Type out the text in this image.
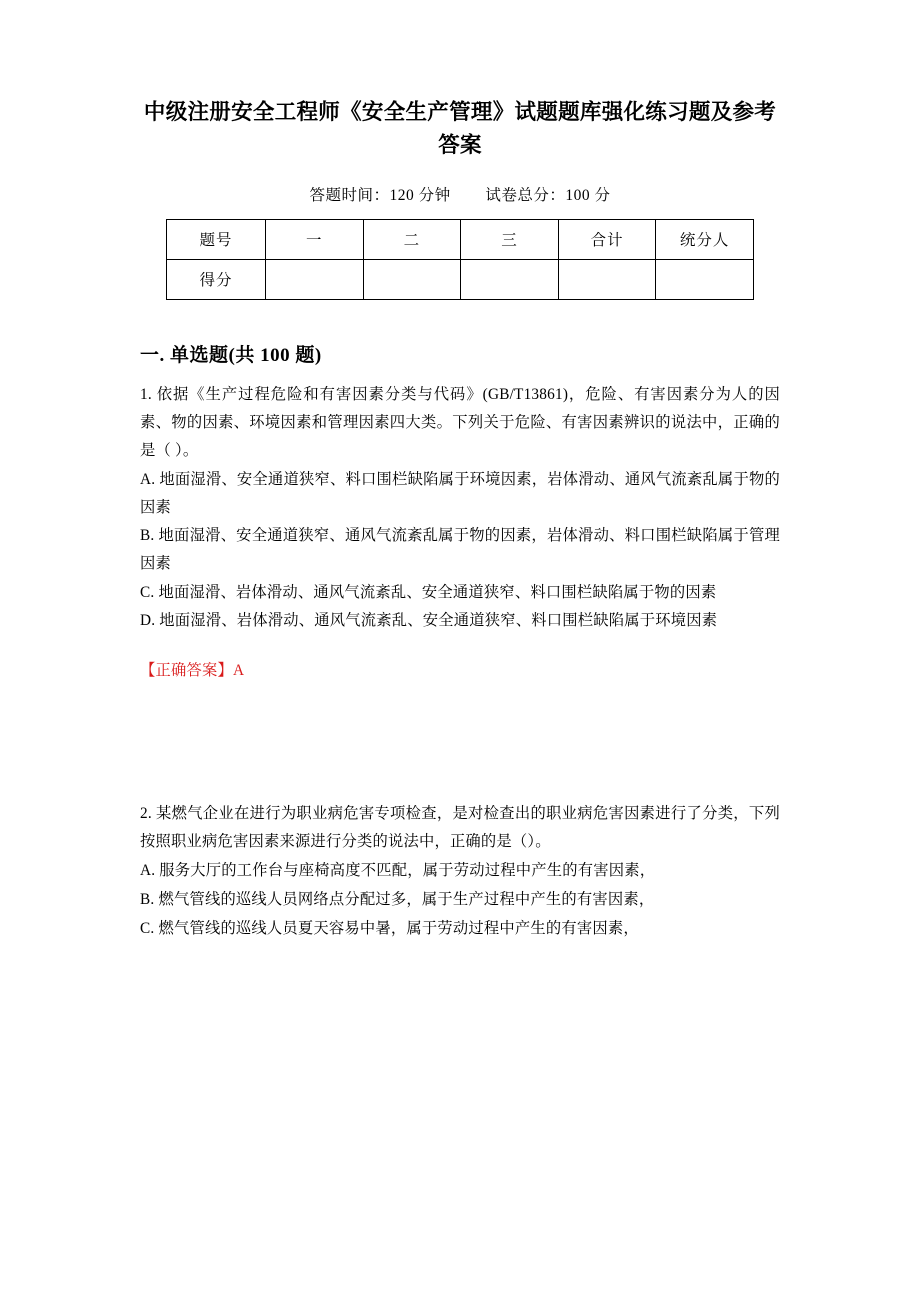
中级注册安全工程师《安全生产管理》试题题库强化练习题及参考答案
答题时间：120 分钟 试卷总分：100 分
题号	一	二	三	合计	统分人
得分					
一. 单选题(共 100 题)

1. 依据《生产过程危险和有害因素分类与代码》(GB/T13861)，危险、有害因素分为人的因素、物的因素、环境因素和管理因素四大类。下列关于危险、有害因素辨识的说法中，正确的是（ ）。

A. 地面湿滑、安全通道狭窄、料口围栏缺陷属于环境因素，岩体滑动、通风气流紊乱属于物的因素

B. 地面湿滑、安全通道狭窄、通风气流紊乱属于物的因素，岩体滑动、料口围栏缺陷属于管理因素

C. 地面湿滑、岩体滑动、通风气流紊乱、安全通道狭窄、料口围栏缺陷属于物的因素

D. 地面湿滑、岩体滑动、通风气流紊乱、安全通道狭窄、料口围栏缺陷属于环境因素

【正确答案】A

2. 某燃气企业在进行为职业病危害专项检查，是对检查出的职业病危害因素进行了分类，下列按照职业病危害因素来源进行分类的说法中，正确的是（）。

A. 服务大厅的工作台与座椅高度不匹配，属于劳动过程中产生的有害因素，

B. 燃气管线的巡线人员网络点分配过多，属于生产过程中产生的有害因素，

C. 燃气管线的巡线人员夏天容易中暑，属于劳动过程中产生的有害因素，
